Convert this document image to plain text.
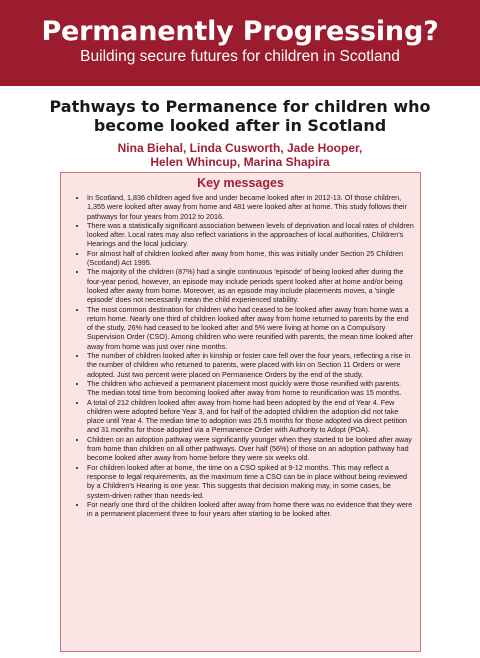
Permanently Progressing?
Building secure futures for children in Scotland
Pathways to Permanence for children who become looked after in Scotland
Nina Biehal, Linda Cusworth, Jade Hooper,
Helen Whincup, Marina Shapira
Key messages
• In Scotland, 1,836 children aged five and under became looked after in 2012-13. Of those children, 1,355 were looked after away from home and 481 were looked after at home. This study follows their pathways for four years from 2012 to 2016.
• There was a statistically significant association between levels of deprivation and local rates of children looked after. Local rates may also reflect variations in the approaches of local authorities, Children's Hearings and the local judiciary.
• For almost half of children looked after away from home, this was initially under Section 25 Children (Scotland) Act 1995.
• The majority of the children (87%) had a single continuous 'episode' of being looked after during the four-year period, however, an episode may include periods spent looked after at home and/or being looked after away from home. Moreover, as an episode may include placements moves, a 'single episode' does not necessarily mean the child experienced stability.
• The most common destination for children who had ceased to be looked after away from home was a return home. Nearly one third of children looked after away from home returned to parents by the end of the study, 26% had ceased to be looked after and 5% were living at home on a Compulsory Supervision Order (CSO). Among children who were reunified with parents, the mean time looked after away from home was just over nine months.
• The number of children looked after in kinship or foster care fell over the four years, reflecting a rise in the number of children who returned to parents, were placed with kin on Section 11 Orders or were adopted. Just two percent were placed on Permanence Orders by the end of the study.
• The children who achieved a permanent placement most quickly were those reunified with parents. The median total time from becoming looked after away from home to reunification was 15 months.
• A total of 212 children looked after away from home had been adopted by the end of Year 4. Few children were adopted before Year 3, and for half of the adopted children the adoption did not take place until Year 4. The median time to adoption was 25.5 months for those adopted via direct petition and 31 months for those adopted via a Permanence Order with Authority to Adopt (POA).
• Children on an adoption pathway were significantly younger when they started to be looked after away from home than children on all other pathways. Over half (56%) of those on an adoption pathway had become looked after away from home before they were six weeks old.
• For children looked after at home, the time on a CSO spiked at 9-12 months. This may reflect a response to legal requirements, as the maximum time a CSO can be in place without being reviewed by a Children's Hearing is one year. This suggests that decision making may, in some cases, be system-driven rather than needs-led.
• For nearly one third of the children looked after away from home there was no evidence that they were in a permanent placement three to four years after starting to be looked after.
